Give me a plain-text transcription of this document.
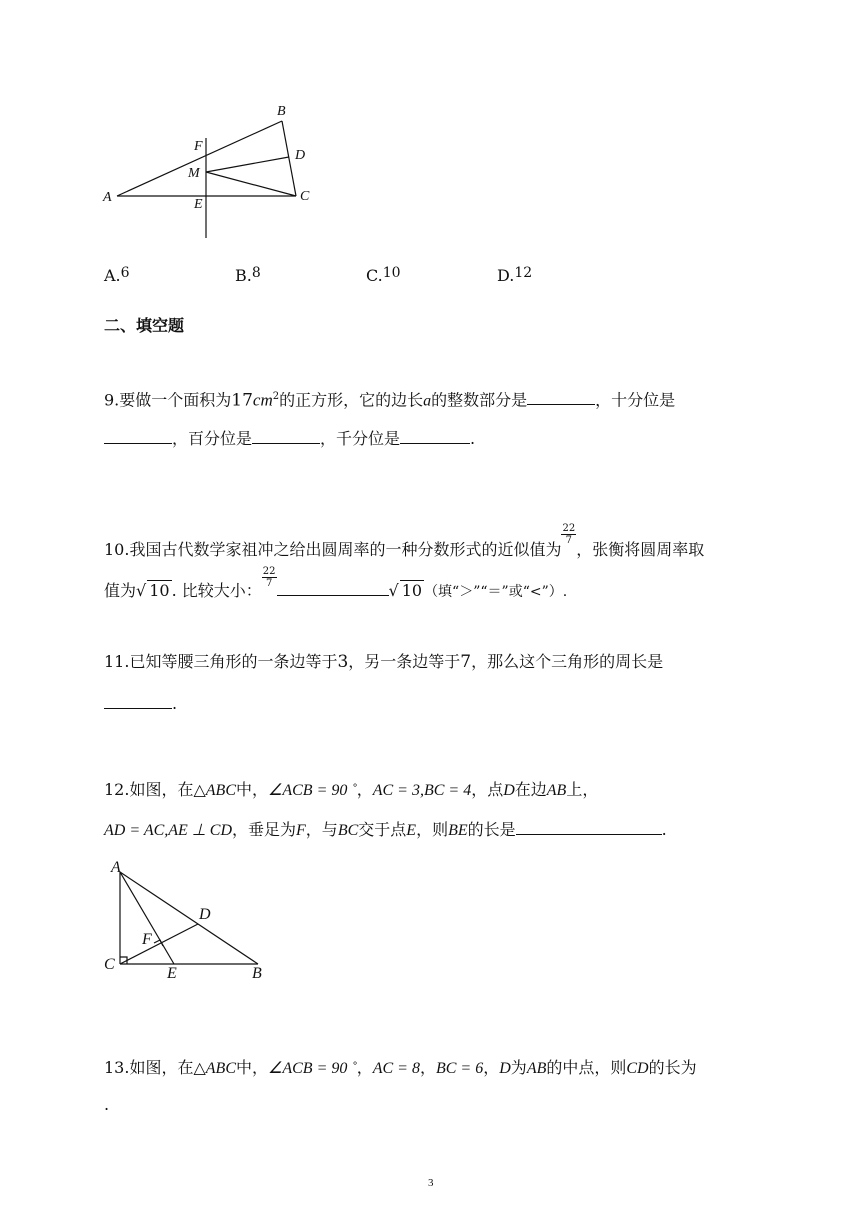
A
B
C
D
E
F
M
A.6	B.8	C.10	D.12
二、填空题
9.要做一个面积为$17cm^2$的正方形，它的边长a的整数部分是	，十分位是
，百分位是	，千分位是	.
10.我国古代数学家祖冲之给出圆周率的一种分数形式的近似值为
$\frac{22}{7}$
，张衡将圆周率取
值为√ 10 . 比较大小：
$\frac{22}{7}$
√ 10 （填“＞”“＝”或“<”）.
11.已知等腰三角形的一条边等于3，另一条边等于7，那么这个三角形的周长是
.
12.如图，在△ABC中，∠ACB = 90 ˚，AC = 3,BC = 4，点D在边AB上，
AD = AC,AE ⊥ CD，垂足为F，与BC交于点E，则BE的长是	.
A
B
C
D
E
F
13.如图，在△ABC中，∠ACB = 90 ˚，AC = 8，BC = 6，D为AB的中点，则CD的长为
.
3
